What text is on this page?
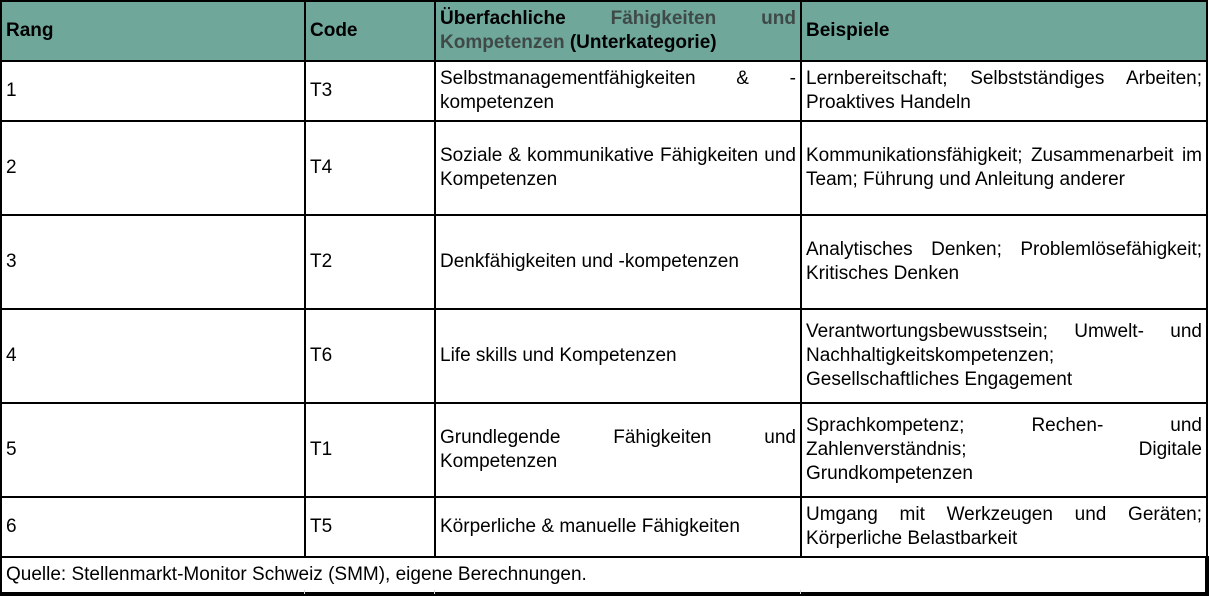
Rang	Code	Überfachliche Fähigkeiten und Kompetenzen (Unterkategorie)	Beispiele
1	T3	Selbstmanagementfähigkeiten & -kompetenzen	Lernbereitschaft; Selbstständiges Arbeiten; Proaktives Handeln
2	T4	Soziale & kommunikative Fähigkeiten und Kompetenzen	Kommunikationsfähigkeit; Zusammenarbeit im Team; Führung und Anleitung anderer
3	T2	Denkfähigkeiten und -kompetenzen	Analytisches Denken; Problemlösefähigkeit; Kritisches Denken
4	T6	Life skills und Kompetenzen	Verantwortungsbewusstsein; Umwelt- und Nachhaltigkeitskompetenzen; Gesellschaftliches Engagement
5	T1	Grundlegende Fähigkeiten und Kompetenzen	Sprachkompetenz; Rechen- und Zahlenverständnis; Digitale Grundkompetenzen
6	T5	Körperliche & manuelle Fähigkeiten	Umgang mit Werkzeugen und Geräten; Körperliche Belastbarkeit
Quelle: Stellenmarkt-Monitor Schweiz (SMM), eigene Berechnungen.			
